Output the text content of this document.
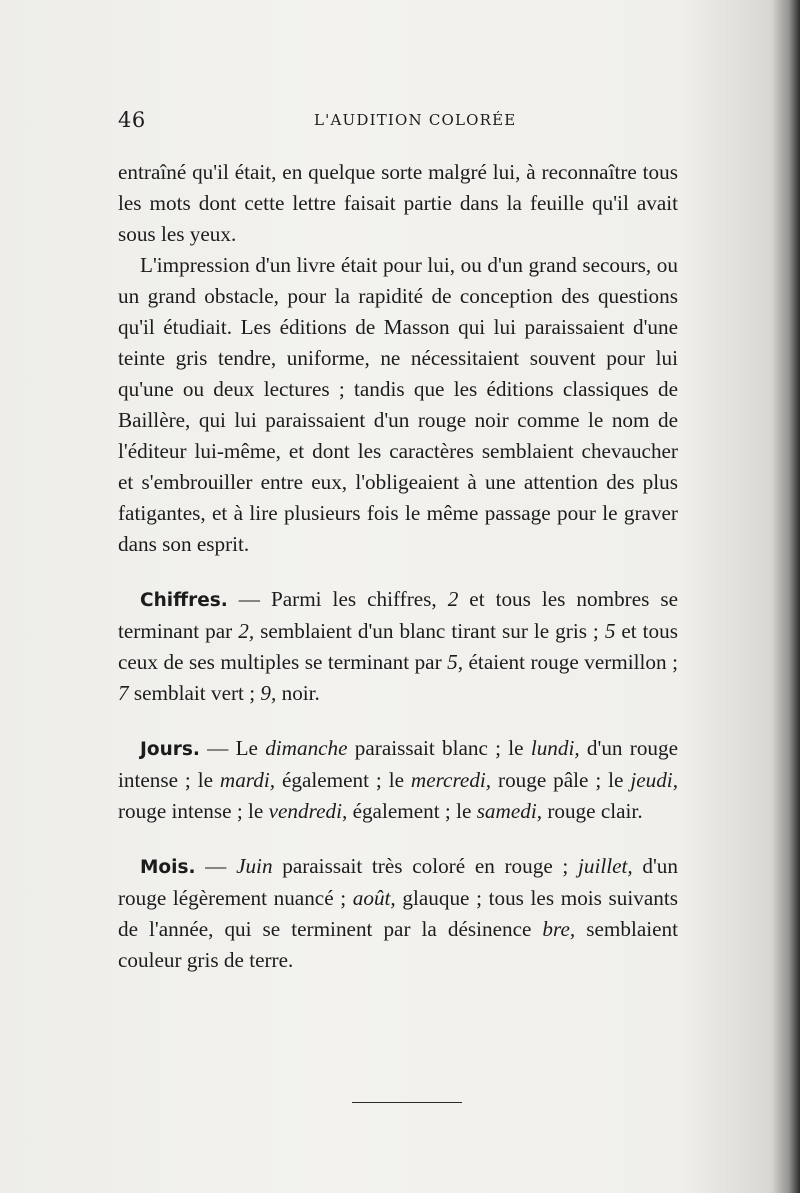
46	L'AUDITION COLORÉE

entraîné qu'il était, en quelque sorte malgré lui, à reconnaître tous les mots dont cette lettre faisait partie dans la feuille qu'il avait sous les yeux.

L'impression d'un livre était pour lui, ou d'un grand secours, ou un grand obstacle, pour la rapidité de conception des questions qu'il étudiait. Les éditions de Masson qui lui paraissaient d'une teinte gris tendre, uniforme, ne nécessitaient souvent pour lui qu'une ou deux lectures ; tandis que les éditions classiques de Baillère, qui lui paraissaient d'un rouge noir comme le nom de l'éditeur lui-même, et dont les caractères semblaient chevaucher et s'embrouiller entre eux, l'obligeaient à une attention des plus fatigantes, et à lire plusieurs fois le même passage pour le graver dans son esprit.

Chiffres. — Parmi les chiffres, 2 et tous les nombres se terminant par 2, semblaient d'un blanc tirant sur le gris ; 5 et tous ceux de ses multiples se terminant par 5, étaient rouge vermillon ; 7 semblait vert ; 9, noir.

Jours. — Le dimanche paraissait blanc ; le lundi, d'un rouge intense ; le mardi, également ; le mercredi, rouge pâle ; le jeudi, rouge intense ; le vendredi, également ; le samedi, rouge clair.

Mois. — Juin paraissait très coloré en rouge ; juillet, d'un rouge légèrement nuancé ; août, glauque ; tous les mois suivants de l'année, qui se terminent par la désinence bre, semblaient couleur gris de terre.
